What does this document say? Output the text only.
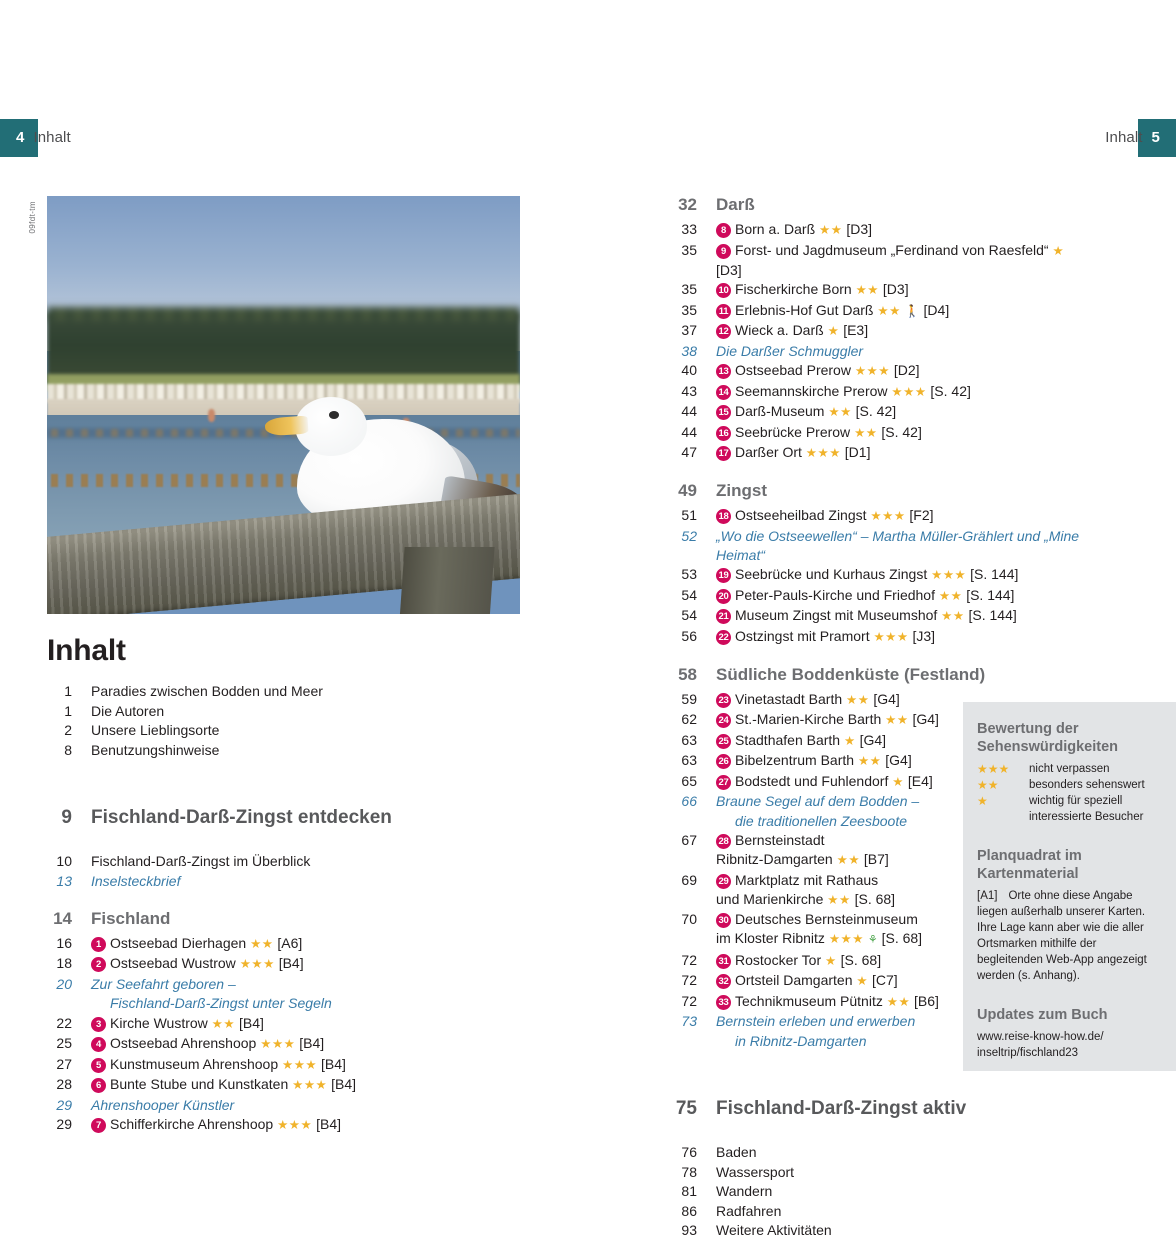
4 Inhalt	Inhalt 5
09fdt-tm
Inhalt
1	Paradies zwischen Bodden und Meer
1	Die Autoren
2	Unsere Lieblingsorte
8	Benutzungshinweise
9	Fischland-Darß-Zingst entdecken
10	Fischland-Darß-Zingst im Überblick
13	Inselsteckbrief
14	Fischland
16	1 Ostseebad Dierhagen ★★ [A6]
18	2 Ostseebad Wustrow ★★★ [B4]
20	Zur Seefahrt geboren –
Fischland-Darß-Zingst unter Segeln
22	3 Kirche Wustrow ★★ [B4]
25	4 Ostseebad Ahrenshoop ★★★ [B4]
27	5 Kunstmuseum Ahrenshoop ★★★ [B4]
28	6 Bunte Stube und Kunstkaten ★★★ [B4]
29	Ahrenshooper Künstler
29	7 Schifferkirche Ahrenshoop ★★★ [B4]
32	Darß
33	8 Born a. Darß ★★ [D3]
35	9 Forst- und Jagdmuseum „Ferdinand von Raesfeld“ ★ [D3]
35	10 Fischerkirche Born ★★ [D3]
35	11 Erlebnis-Hof Gut Darß ★★ 🚶 [D4]
37	12 Wieck a. Darß ★ [E3]
38	Die Darßer Schmuggler
40	13 Ostseebad Prerow ★★★ [D2]
43	14 Seemannskirche Prerow ★★★ [S. 42]
44	15 Darß-Museum ★★ [S. 42]
44	16 Seebrücke Prerow ★★ [S. 42]
47	17 Darßer Ort ★★★ [D1]
49	Zingst
51	18 Ostseeheilbad Zingst ★★★ [F2]
52	„Wo die Ostseewellen“ – Martha Müller-Grählert und „Mine Heimat“
53	19 Seebrücke und Kurhaus Zingst ★★★ [S. 144]
54	20 Peter-Pauls-Kirche und Friedhof ★★ [S. 144]
54	21 Museum Zingst mit Museumshof ★★ [S. 144]
56	22 Ostzingst mit Pramort ★★★ [J3]
58	Südliche Boddenküste (Festland)
59	23 Vinetastadt Barth ★★ [G4]
62	24 St.-Marien-Kirche Barth ★★ [G4]
63	25 Stadthafen Barth ★ [G4]
63	26 Bibelzentrum Barth ★★ [G4]
65	27 Bodstedt und Fuhlendorf ★ [E4]
66	Braune Segel auf dem Bodden –
die traditionellen Zeesboote
67	28 Bernsteinstadt
Ribnitz-Damgarten ★★ [B7]
69	29 Marktplatz mit Rathaus
und Marienkirche ★★ [S. 68]
70	30 Deutsches Bernsteinmuseum
im Kloster Ribnitz ★★★ ⚘ [S. 68]
72	31 Rostocker Tor ★ [S. 68]
72	32 Ortsteil Damgarten ★ [C7]
72	33 Technikmuseum Pütnitz ★★ [B6]
73	Bernstein erleben und erwerben
in Ribnitz-Damgarten
75	Fischland-Darß-Zingst aktiv
76	Baden
78	Wassersport
81	Wandern
86	Radfahren
93	Weitere Aktivitäten
Bewertung der
Sehenswürdigkeiten
★★★	nicht verpassen
★★	besonders sehenswert
★	wichtig für speziell
interessierte Besucher
Planquadrat im Kartenmaterial

[A1] Orte ohne diese Angabe liegen außerhalb unserer Karten. Ihre Lage kann aber wie die aller Ortsmarken mithilfe der begleitenden Web-App angezeigt werden (s. Anhang).

Updates zum Buch

www.reise-know-how.de/
inseltrip/fischland23
